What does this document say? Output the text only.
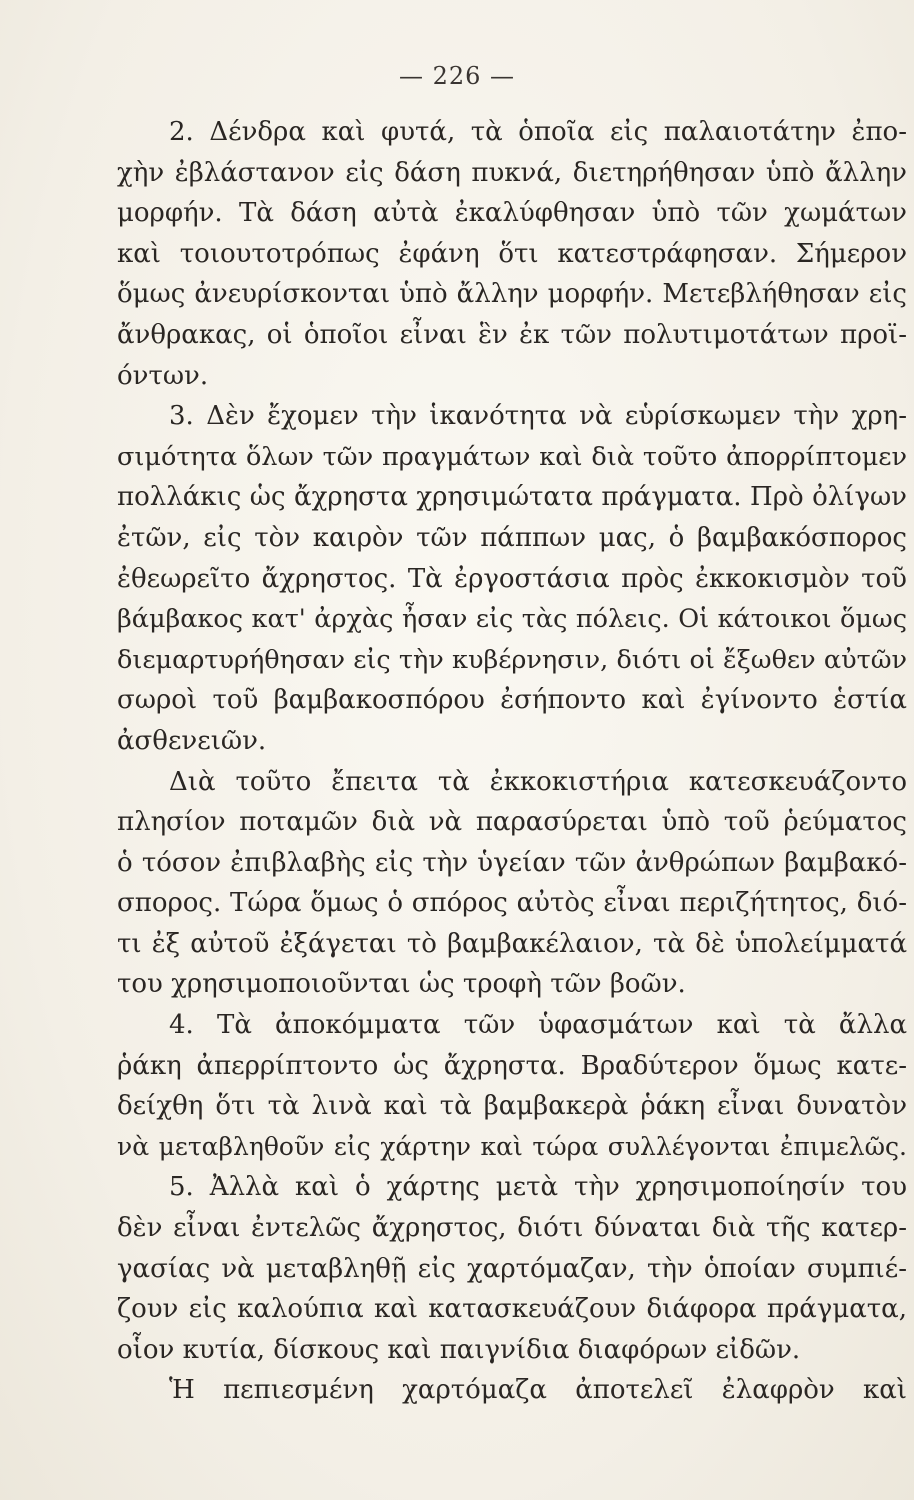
— 226 —
2. Δένδρα καὶ φυτά, τὰ ὁποῖα εἰς παλαιοτάτην ἐπο-
χὴν ἐβλάστανον εἰς δάση πυκνά, διετηρήθησαν ὑπὸ ἄλλην
μορφήν. Τὰ δάση αὐτὰ ἐκαλύφθησαν ὑπὸ τῶν χωμάτων
καὶ τοιουτοτρόπως ἐφάνη ὅτι κατεστράφησαν. Σήμερον
ὅμως ἀνευρίσκονται ὑπὸ ἄλλην μορφήν. Μετεβλήθησαν εἰς
ἄνθρακας, οἱ ὁποῖοι εἶναι ἓν ἐκ τῶν πολυτιμοτάτων προϊ-
όντων.
3. Δὲν ἔχομεν τὴν ἱκανότητα νὰ εὑρίσκωμεν τὴν χρη-
σιμότητα ὅλων τῶν πραγμάτων καὶ διὰ τοῦτο ἀπορρίπτομεν
πολλάκις ὡς ἄχρηστα χρησιμώτατα πράγματα. Πρὸ ὀλίγων
ἐτῶν, εἰς τὸν καιρὸν τῶν πάππων μας, ὁ βαμβακόσπορος
ἐθεωρεῖτο ἄχρηστος. Τὰ ἐργοστάσια πρὸς ἐκκοκισμὸν τοῦ
βάμβακος κατ' ἀρχὰς ἦσαν εἰς τὰς πόλεις. Οἱ κάτοικοι ὅμως
διεμαρτυρήθησαν εἰς τὴν κυβέρνησιν, διότι οἱ ἔξωθεν αὐτῶν
σωροὶ τοῦ βαμβακοσπόρου ἐσήποντο καὶ ἐγίνοντο ἑστία
ἀσθενειῶν.
Διὰ τοῦτο ἔπειτα τὰ ἐκκοκιστήρια κατεσκευάζοντο
πλησίον ποταμῶν διὰ νὰ παρασύρεται ὑπὸ τοῦ ῥεύματος
ὁ τόσον ἐπιβλαβὴς εἰς τὴν ὑγείαν τῶν ἀνθρώπων βαμβακό-
σπορος. Τώρα ὅμως ὁ σπόρος αὐτὸς εἶναι περιζήτητος, διό-
τι ἐξ αὐτοῦ ἐξάγεται τὸ βαμβακέλαιον, τὰ δὲ ὑπολείμματά
του χρησιμοποιοῦνται ὡς τροφὴ τῶν βοῶν.
4. Τὰ ἀποκόμματα τῶν ὑφασμάτων καὶ τὰ ἄλλα
ῥάκη ἀπερρίπτοντο ὡς ἄχρηστα. Βραδύτερον ὅμως κατε-
δείχθη ὅτι τὰ λινὰ καὶ τὰ βαμβακερὰ ῥάκη εἶναι δυνατὸν
νὰ μεταβληθοῦν εἰς χάρτην καὶ τώρα συλλέγονται ἐπιμελῶς.
5. Ἀλλὰ καὶ ὁ χάρτης μετὰ τὴν χρησιμοποίησίν του
δὲν εἶναι ἐντελῶς ἄχρηστος, διότι δύναται διὰ τῆς κατερ-
γασίας νὰ μεταβληθῇ εἰς χαρτόμαζαν, τὴν ὁποίαν συμπιέ-
ζουν εἰς καλούπια καὶ κατασκευάζουν διάφορα πράγματα,
οἷον κυτία, δίσκους καὶ παιγνίδια διαφόρων εἰδῶν.
Ἡ πεπιεσμένη χαρτόμαζα ἀποτελεῖ ἐλαφρὸν καὶ
